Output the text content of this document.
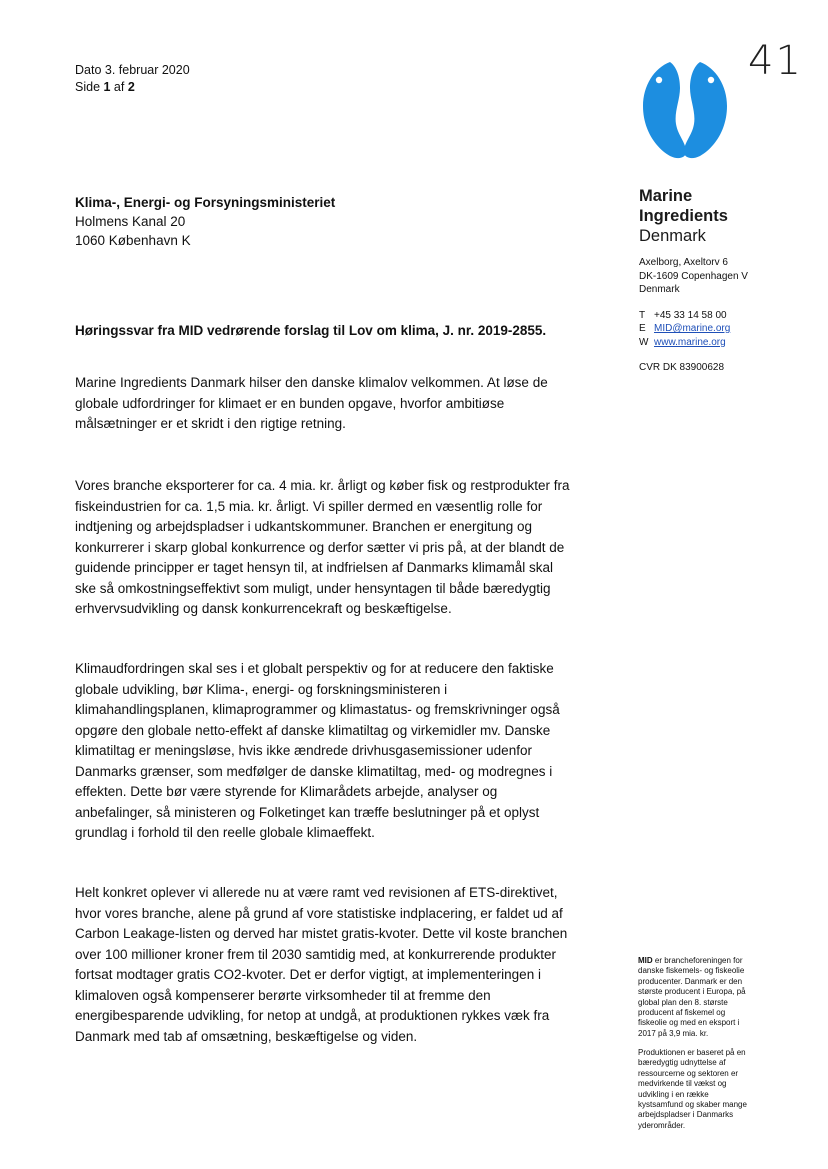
41
Dato 3. februar 2020
Side 1 af 2
Marine
Ingredients
Denmark
Axelborg, Axeltorv 6
DK-1609 Copenhagen V
Denmark
T +45 33 14 58 00
E MID@marine.org
W www.marine.org
CVR DK 83900628
Klima-, Energi- og Forsyningsministeriet
Holmens Kanal 20
1060 København K
Høringssvar fra MID vedrørende forslag til Lov om klima, J. nr. 2019-2855.
Marine Ingredients Danmark hilser den danske klimalov velkommen. At løse de
globale udfordringer for klimaet er en bunden opgave, hvorfor ambitiøse
målsætninger er et skridt i den rigtige retning.
Vores branche eksporterer for ca. 4 mia. kr. årligt og køber fisk og restprodukter fra
fiskeindustrien for ca. 1,5 mia. kr. årligt. Vi spiller dermed en væsentlig rolle for
indtjening og arbejdspladser i udkantskommuner. Branchen er energitung og
konkurrerer i skarp global konkurrence og derfor sætter vi pris på, at der blandt de
guidende principper er taget hensyn til, at indfrielsen af Danmarks klimamål skal
ske så omkostningseffektivt som muligt, under hensyntagen til både bæredygtig
erhvervsudvikling og dansk konkurrencekraft og beskæftigelse.
Klimaudfordringen skal ses i et globalt perspektiv og for at reducere den faktiske
globale udvikling, bør Klima-, energi- og forskningsministeren i
klimahandlingsplanen, klimaprogrammer og klimastatus- og fremskrivninger også
opgøre den globale netto-effekt af danske klimatiltag og virkemidler mv. Danske
klimatiltag er meningsløse, hvis ikke ændrede drivhusgasemissioner udenfor
Danmarks grænser, som medfølger de danske klimatiltag, med- og modregnes i
effekten. Dette bør være styrende for Klimarådets arbejde, analyser og
anbefalinger, så ministeren og Folketinget kan træffe beslutninger på et oplyst
grundlag i forhold til den reelle globale klimaeffekt.
Helt konkret oplever vi allerede nu at være ramt ved revisionen af ETS-direktivet,
hvor vores branche, alene på grund af vore statistiske indplacering, er faldet ud af
Carbon Leakage-listen og derved har mistet gratis-kvoter. Dette vil koste branchen
over 100 millioner kroner frem til 2030 samtidig med, at konkurrerende produkter
fortsat modtager gratis CO2-kvoter. Det er derfor vigtigt, at implementeringen i
klimaloven også kompenserer berørte virksomheder til at fremme den
energibesparende udvikling, for netop at undgå, at produktionen rykkes væk fra
Danmark med tab af omsætning, beskæftigelse og viden.
MID er brancheforeningen for
danske fiskemels- og fiskeolie
producenter. Danmark er den
største producent i Europa, på
global plan den 8. største
producent af fiskemel og
fiskeolie og med en eksport i
2017 på 3,9 mia. kr.
Produktionen er baseret på en
bæredygtig udnyttelse af
ressourcerne og sektoren er
medvirkende til vækst og
udvikling i en række
kystsamfund og skaber mange
arbejdspladser i Danmarks
yderområder.
